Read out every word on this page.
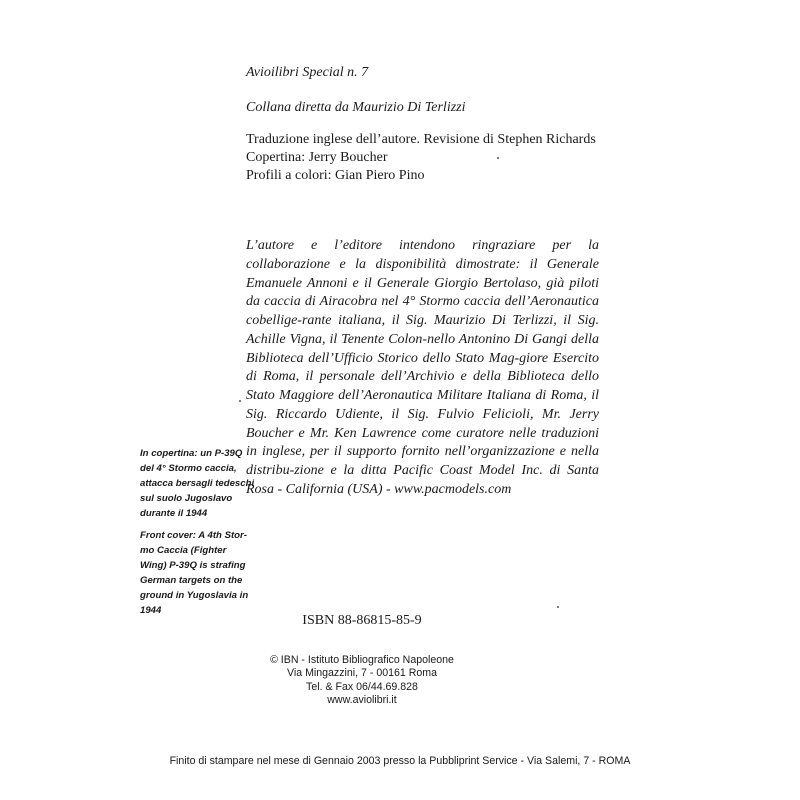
Avioilibri Special n. 7
Collana diretta da Maurizio Di Terlizzi
Traduzione inglese dell’autore. Revisione di Stephen Richards
Copertina: Jerry Boucher
Profili a colori: Gian Piero Pino
L’autore e l’editore intendono ringraziare per la collaborazione e la disponibilità dimostrate: il Generale Emanuele Annoni e il Generale Giorgio Bertolaso, già piloti da caccia di Airacobra nel 4° Stormo caccia dell’Aeronautica cobellige-rante italiana, il Sig. Maurizio Di Terlizzi, il Sig. Achille Vigna, il Tenente Colon-nello Antonino Di Gangi della Biblioteca dell’Ufficio Storico dello Stato Mag-giore Esercito di Roma, il personale dell’Archivio e della Biblioteca dello Stato Maggiore dell’Aeronautica Militare Italiana di Roma, il Sig. Riccardo Udiente, il Sig. Fulvio Felicioli, Mr. Jerry Boucher e Mr. Ken Lawrence come curatore nelle traduzioni in inglese, per il supporto fornito nell’organizzazione e nella distribu-zione e la ditta Pacific Coast Model Inc. di Santa Rosa - California (USA) - www.pacmodels.com
In copertina: un P-39Q del 4° Stormo caccia, attacca bersagli tedeschi sul suolo Jugoslavo durante il 1944
Front cover: A 4th Stor-mo Caccia (Fighter Wing) P-39Q is strafing German targets on the ground in Yugoslavia in 1944
ISBN 88-86815-85-9
© IBN - Istituto Bibliografico Napoleone
Via Mingazzini, 7 - 00161 Roma
Tel. & Fax 06/44.69.828
www.aviolibri.it
Finito di stampare nel mese di Gennaio 2003 presso la Pubbliprint Service - Via Salemi, 7 - ROMA
